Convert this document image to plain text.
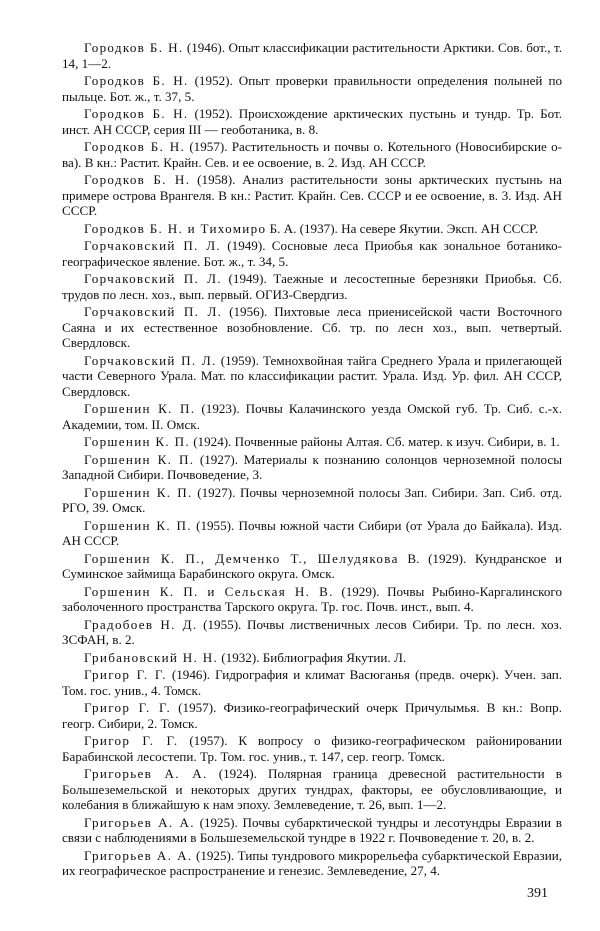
Городков Б. Н. (1946). Опыт классификации растительности Арктики. Сов. бот., т. 14, 1—2.

Городков Б. Н. (1952). Опыт проверки правильности определения полыней по пыльце. Бот. ж., т. 37, 5.

Городков Б. Н. (1952). Происхождение арктических пустынь и тундр. Тр. Бот. инст. АН СССР, серия III — геоботаника, в. 8.

Городков Б. Н. (1957). Растительность и почвы о. Котельного (Новосибирские о-ва). В кн.: Растит. Крайн. Сев. и ее освоение, в. 2. Изд. АН СССР.

Городков Б. Н. (1958). Анализ растительности зоны арктических пустынь на примере острова Врангеля. В кн.: Растит. Крайн. Сев. СССР и ее освоение, в. 3. Изд. АН СССР.

Городков Б. Н. и Тихомиро Б. А. (1937). На севере Якутии. Эксп. АН СССР.

Горчаковский П. Л. (1949). Сосновые леса Приобья как зональное ботанико-географическое явление. Бот. ж., т. 34, 5.

Горчаковский П. Л. (1949). Таежные и лесостепные березняки Приобья. Сб. трудов по лесн. хоз., вып. первый. ОГИЗ-Свердгиз.

Горчаковский П. Л. (1956). Пихтовые леса приенисейской части Восточного Саяна и их естественное возобновление. Сб. тр. по лесн хоз., вып. четвертый. Свердловск.

Горчаковский П. Л. (1959). Темнохвойная тайга Среднего Урала и прилегающей части Северного Урала. Мат. по классификации растит. Урала. Изд. Ур. фил. АН СССР, Свердловск.

Горшенин К. П. (1923). Почвы Калачинского уезда Омской губ. Тр. Сиб. с.-х. Академии, том. II. Омск.

Горшенин К. П. (1924). Почвенные районы Алтая. Сб. матер. к изуч. Сибири, в. 1.

Горшенин К. П. (1927). Материалы к познанию солонцов черноземной полосы Западной Сибири. Почвоведение, 3.

Горшенин К. П. (1927). Почвы черноземной полосы Зап. Сибири. Зап. Сиб. отд. РГО, 39. Омск.

Горшенин К. П. (1955). Почвы южной части Сибири (от Урала до Байкала). Изд. АН СССР.

Горшенин К. П., Демченко Т., Шелудякова В. (1929). Кундранское и Суминское займища Барабинского округа. Омск.

Горшенин К. П. и Сельская Н. В. (1929). Почвы Рыбино-Каргалинского заболоченного пространства Тарского округа. Тр. гос. Почв. инст., вып. 4.

Градобоев Н. Д. (1955). Почвы лиственичных лесов Сибири. Тр. по лесн. хоз. ЗСФАН, в. 2.

Грибановский Н. Н. (1932). Библиография Якутии. Л.

Григор Г. Г. (1946). Гидрография и климат Васюганья (предв. очерк). Учен. зап. Том. гос. унив., 4. Томск.

Григор Г. Г. (1957). Физико-географический очерк Причулымья. В кн.: Вопр. геогр. Сибири, 2. Томск.

Григор Г. Г. (1957). К вопросу о физико-географическом районировании Барабинской лесостепи. Тр. Том. гос. унив., т. 147, сер. геогр. Томск.

Григорьев А. А. (1924). Полярная граница древесной растительности в Большеземельской и некоторых других тундрах, факторы, ее обусловливающие, и колебания в ближайшую к нам эпоху. Землеведение, т. 26, вып. 1—2.

Григорьев А. А. (1925). Почвы субарктической тундры и лесотундры Евразии в связи с наблюдениями в Большеземельской тундре в 1922 г. Почвоведение т. 20, в. 2.

Григорьев А. А. (1925). Типы тундрового микрорельефа субарктической Евразии, их географическое распространение и генезис. Землеведение, 27, 4.

391
